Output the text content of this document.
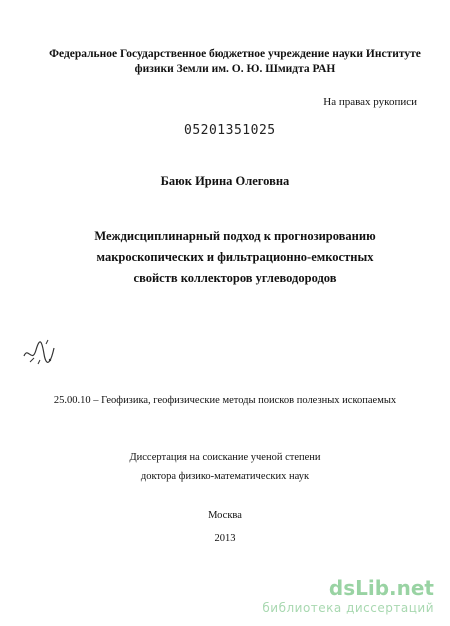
Федеральное Государственное бюджетное учреждение науки Институте
физики Земли им. О. Ю. Шмидта РАН
На правах рукописи
05201351025
Баюк Ирина Олеговна
Междисциплинарный подход к прогнозированию
макроскопических и фильтрационно-емкостных
свойств коллекторов углеводородов
25.00.10 – Геофизика, геофизические методы поисков полезных ископаемых
Диссертация на соискание ученой степени
доктора физико-математических наук
Москва
2013
dsLib.net
библиотека диссертаций
